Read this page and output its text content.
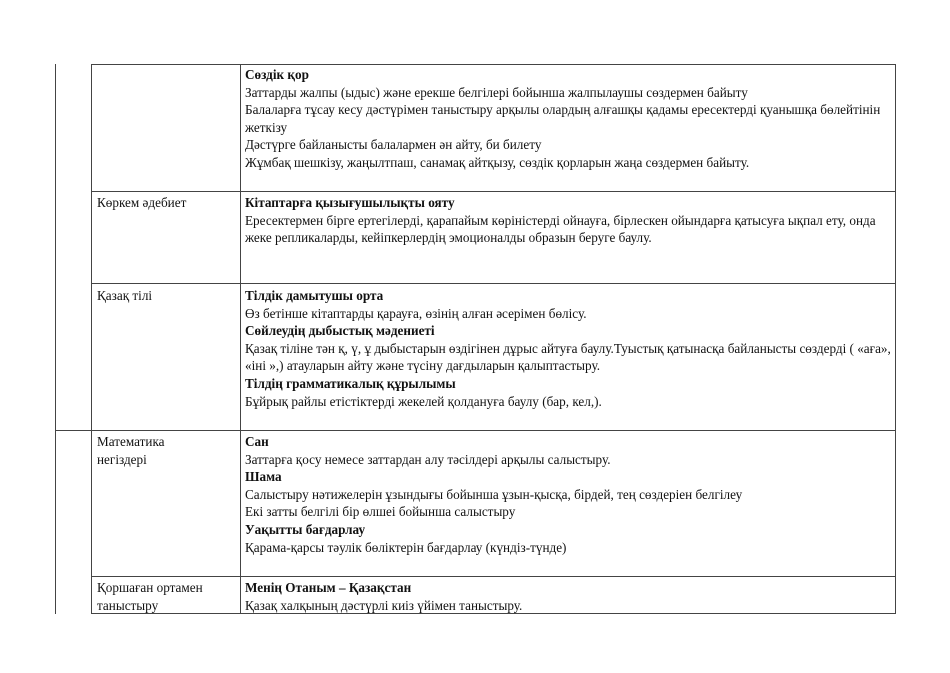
Сөздік қор
Заттарды жалпы (ыдыс) және ерекше белгілері бойынша жалпылаушы сөздермен байыту
Балаларға тұсау кесу дәстүрімен таныстыру арқылы олардың алғашқы қадамы ересектерді қуанышқа бөлейтінін жеткізу
Дәстүрге байланысты балалармен ән айту, би билету
Жұмбақ шешкізу, жаңылтпаш, санамақ айтқызу, сөздік қорларын жаңа сөздермен байыту.
Көркем әдебиет	Кітаптарға қызығушылықты ояту
Ересектермен бірге ертегілерді, қарапайым көріністерді ойнауға, бірлескен ойындарға қатысуға ықпал ету, онда жеке репликаларды, кейіпкерлердің эмоционалды образын беруге баулу.
Қазақ тілі	Тілдік дамытушы орта
Өз бетінше кітаптарды қарауға, өзінің алған әсерімен бөлісу.
Сөйлеудің дыбыстық мәдениеті
Қазақ тіліне тән қ, ү, ұ дыбыстарын өздігінен дұрыс айтуға баулу.Туыстық қатынасқа байланысты сөздерді ( «аға», «іні »,) атауларын айту және түсіну дағдыларын қалыптастыру.
Тілдің грамматикалық құрылымы
Бұйрық райлы етістіктерді жекелей қолдануға баулу (бар, кел,).
Математика негіздері
Сан
Заттарға қосу немесе заттардан алу тәсілдері арқылы салыстыру.
Шама
Салыстыру нәтижелерін ұзындығы бойынша ұзын-қысқа, бірдей, тең сөздеріен белгілеу
Екі затты белгілі бір өлшеі бойынша салыстыру
Уақытты бағдарлау
Қарама-қарсы тәулік бөліктерін бағдарлау (күндіз-түнде)
Қоршаған ортамен таныстыру
Менің Отаным – Қазақстан
Қазақ халқының дәстүрлі киіз үйімен таныстыру.
